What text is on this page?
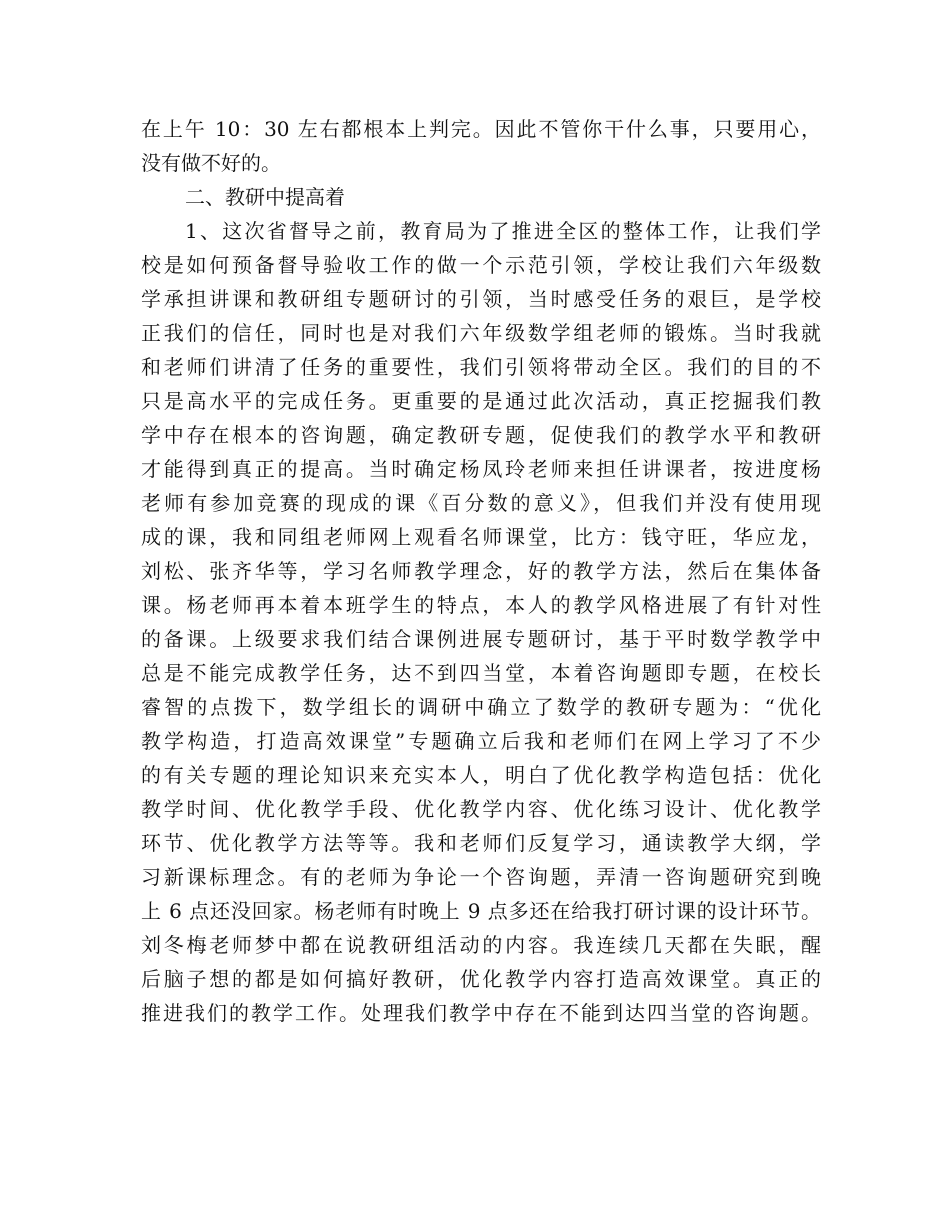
在上午 10：30 左右都根本上判完。因此不管你干什么事，只要用心，
没有做不好的。
二、教研中提高着
1、这次省督导之前，教育局为了推进全区的整体工作，让我们学
校是如何预备督导验收工作的做一个示范引领，学校让我们六年级数
学承担讲课和教研组专题研讨的引领，当时感受任务的艰巨，是学校
正我们的信任，同时也是对我们六年级数学组老师的锻炼。当时我就
和老师们讲清了任务的重要性，我们引领将带动全区。我们的目的不
只是高水平的完成任务。更重要的是通过此次活动，真正挖掘我们教
学中存在根本的咨询题，确定教研专题，促使我们的教学水平和教研
才能得到真正的提高。当时确定杨凤玲老师来担任讲课者，按进度杨
老师有参加竞赛的现成的课《百分数的意义》，但我们并没有使用现
成的课，我和同组老师网上观看名师课堂，比方：钱守旺，华应龙，
刘松、张齐华等，学习名师教学理念，好的教学方法，然后在集体备
课。杨老师再本着本班学生的特点，本人的教学风格进展了有针对性
的备课。上级要求我们结合课例进展专题研讨，基于平时数学教学中
总是不能完成教学任务，达不到四当堂，本着咨询题即专题，在校长
睿智的点拨下，数学组长的调研中确立了数学的教研专题为：“优化
教学构造，打造高效课堂”专题确立后我和老师们在网上学习了不少
的有关专题的理论知识来充实本人，明白了优化教学构造包括：优化
教学时间、优化教学手段、优化教学内容、优化练习设计、优化教学
环节、优化教学方法等等。我和老师们反复学习，通读教学大纲，学
习新课标理念。有的老师为争论一个咨询题，弄清一咨询题研究到晚
上 6 点还没回家。杨老师有时晚上 9 点多还在给我打研讨课的设计环节。
刘冬梅老师梦中都在说教研组活动的内容。我连续几天都在失眠，醒
后脑子想的都是如何搞好教研，优化教学内容打造高效课堂。真正的
推进我们的教学工作。处理我们教学中存在不能到达四当堂的咨询题。
